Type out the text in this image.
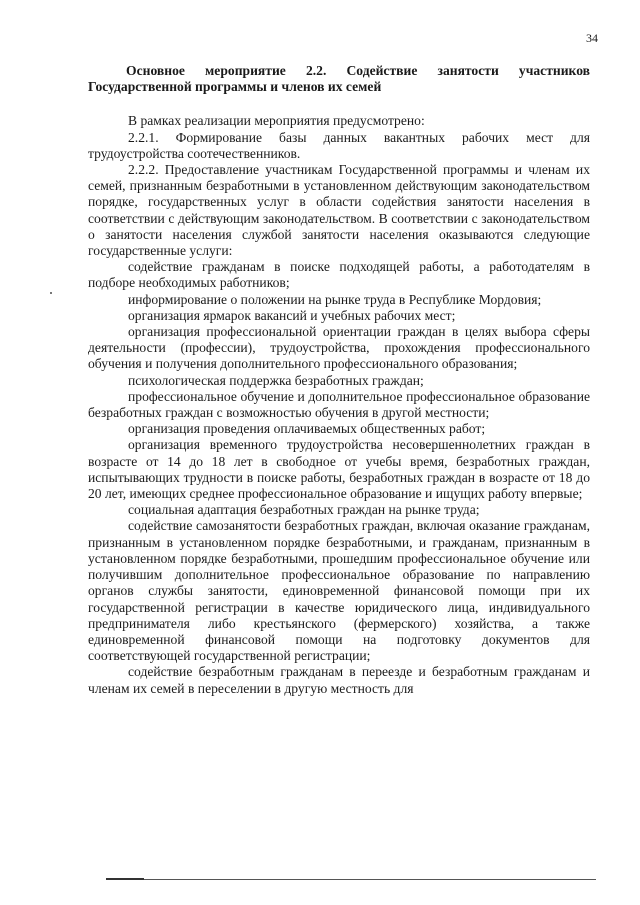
34
Основное мероприятие 2.2. Содействие занятости участников Государственной программы и членов их семей

В рамках реализации мероприятия предусмотрено:

2.2.1. Формирование базы данных вакантных рабочих мест для трудоустройства соотечественников.

2.2.2. Предоставление участникам Государственной программы и членам их семей, признанным безработными в установленном действующим законодательством порядке, государственных услуг в области содействия занятости населения в соответствии с действующим законодательством. В соответствии с законодательством о занятости населения службой занятости населения оказываются следующие государственные услуги:

содействие гражданам в поиске подходящей работы, а работодателям в подборе необходимых работников;

информирование о положении на рынке труда в Республике Мордовия;

организация ярмарок вакансий и учебных рабочих мест;

организация профессиональной ориентации граждан в целях выбора сферы деятельности (профессии), трудоустройства, прохождения профессионального обучения и получения дополнительного профессионального образования;

психологическая поддержка безработных граждан;

профессиональное обучение и дополнительное профессиональное образование безработных граждан с возможностью обучения в другой местности;

организация проведения оплачиваемых общественных работ;

организация временного трудоустройства несовершеннолетних граждан в возрасте от 14 до 18 лет в свободное от учебы время, безработных граждан, испытывающих трудности в поиске работы, безработных граждан в возрасте от 18 до 20 лет, имеющих среднее профессиональное образование и ищущих работу впервые;

социальная адаптация безработных граждан на рынке труда;

содействие самозанятости безработных граждан, включая оказание гражданам, признанным в установленном порядке безработными, и гражданам, признанным в установленном порядке безработными, прошедшим профессиональное обучение или получившим дополнительное профессиональное образование по направлению органов службы занятости, единовременной финансовой помощи при их государственной регистрации в качестве юридического лица, индивидуального предпринимателя либо крестьянского (фермерского) хозяйства, а также единовременной финансовой помощи на подготовку документов для соответствующей государственной регистрации;

содействие безработным гражданам в переезде и безработным гражданам и членам их семей в переселении в другую местность для
